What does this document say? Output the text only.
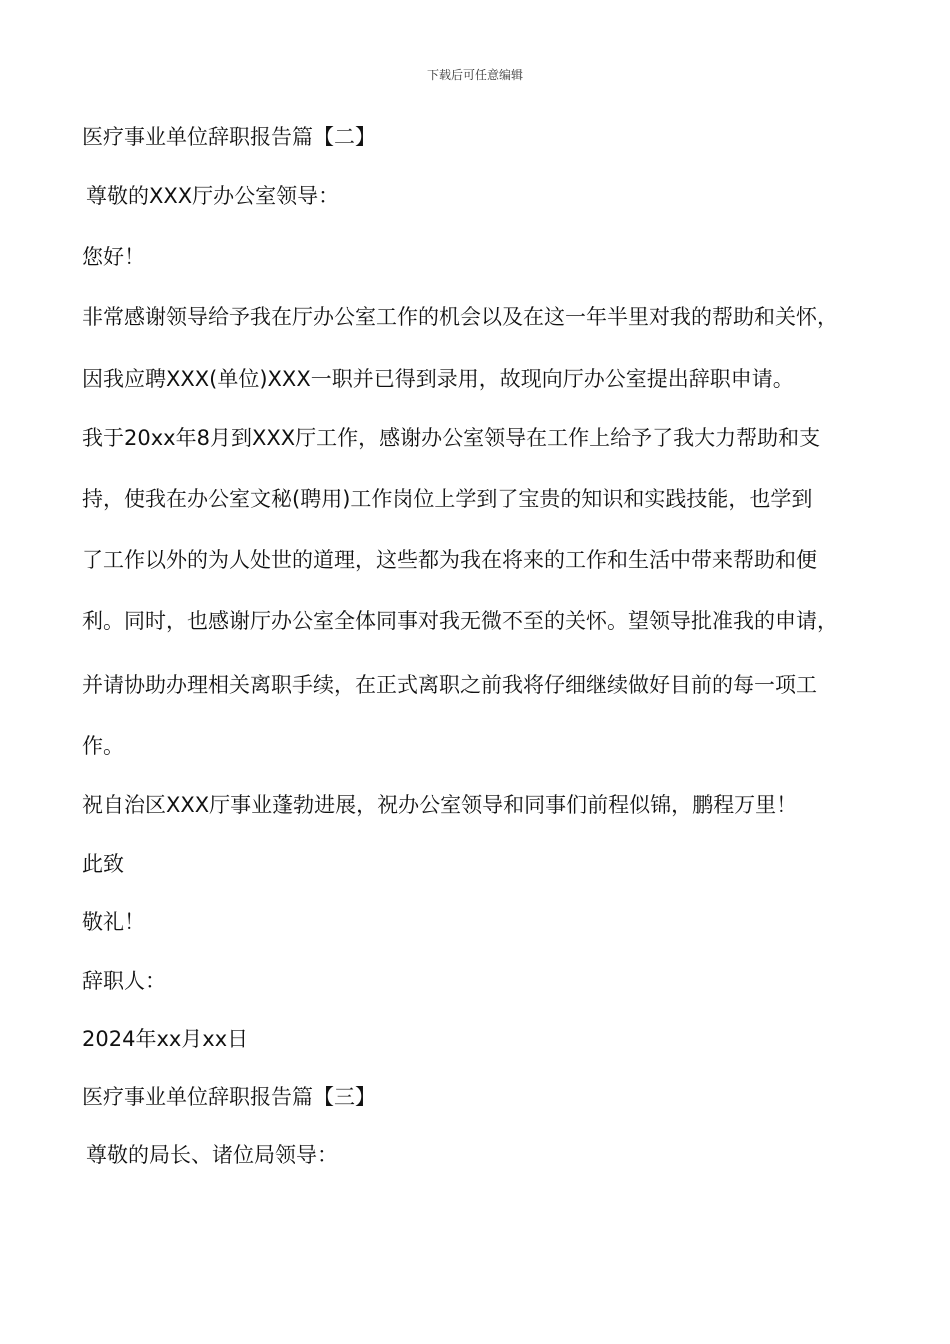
下载后可任意编辑
医疗事业单位辞职报告篇【二】
尊敬的XXX厅办公室领导：
您好！
非常感谢领导给予我在厅办公室工作的机会以及在这一年半里对我的帮助和关怀，
因我应聘XXX(单位)XXX一职并已得到录用，故现向厅办公室提出辞职申请。
我于20xx年8月到XXX厅工作，感谢办公室领导在工作上给予了我大力帮助和支
持，使我在办公室文秘(聘用)工作岗位上学到了宝贵的知识和实践技能，也学到
了工作以外的为人处世的道理，这些都为我在将来的工作和生活中带来帮助和便
利。同时，也感谢厅办公室全体同事对我无微不至的关怀。望领导批准我的申请，
并请协助办理相关离职手续，在正式离职之前我将仔细继续做好目前的每一项工
作。
祝自治区XXX厅事业蓬勃进展，祝办公室领导和同事们前程似锦，鹏程万里！
此致
敬礼！
辞职人：
2024年xx月xx日
医疗事业单位辞职报告篇【三】
尊敬的局长、诸位局领导：
